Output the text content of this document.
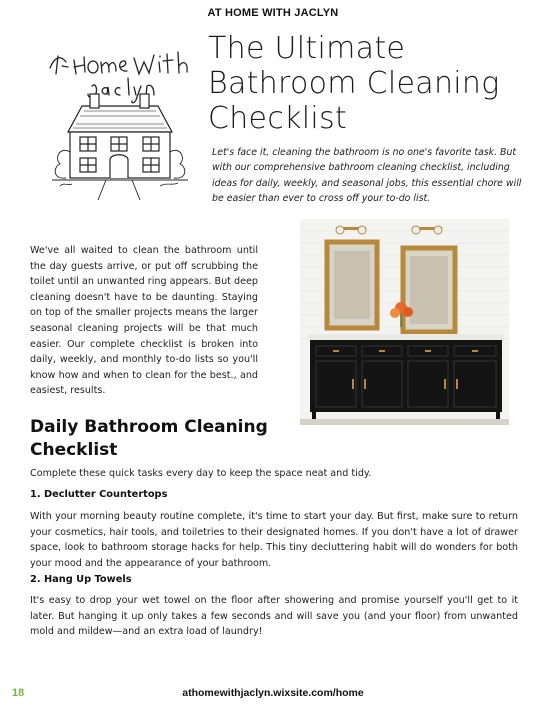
AT HOME WITH JACLYN
The Ultimate
Bathroom Cleaning
Checklist
Let's face it, cleaning the bathroom is no one's favorite task. But with our comprehensive bathroom cleaning checklist, including ideas for daily, weekly, and seasonal jobs, this essential chore will be easier than ever to cross off your to-do list.
We've all waited to clean the bathroom until the day guests arrive, or put off scrubbing the toilet until an unwanted ring appears. But deep cleaning doesn't have to be daunting. Staying on top of the smaller projects means the larger seasonal cleaning projects will be that much easier. Our complete checklist is broken into daily, weekly, and monthly to-do lists so you'll know how and when to clean for the best., and easiest, results.
Daily Bathroom Cleaning Checklist

Complete these quick tasks every day to keep the space neat and tidy.

1. Declutter Countertops

With your morning beauty routine complete, it's time to start your day. But first, make sure to return your cosmetics, hair tools, and toiletries to their designated homes. If you don't have a lot of drawer space, look to bathroom storage hacks for help. This tiny decluttering habit will do wonders for both your mood and the appearance of your bathroom.

2. Hang Up Towels

It's easy to drop your wet towel on the floor after showering and promise yourself you'll get to it later. But hanging it up only takes a few seconds and will save you (and your floor) from unwanted mold and mildew—and an extra load of laundry!

18	athomewithjaclyn.wixsite.com/home
